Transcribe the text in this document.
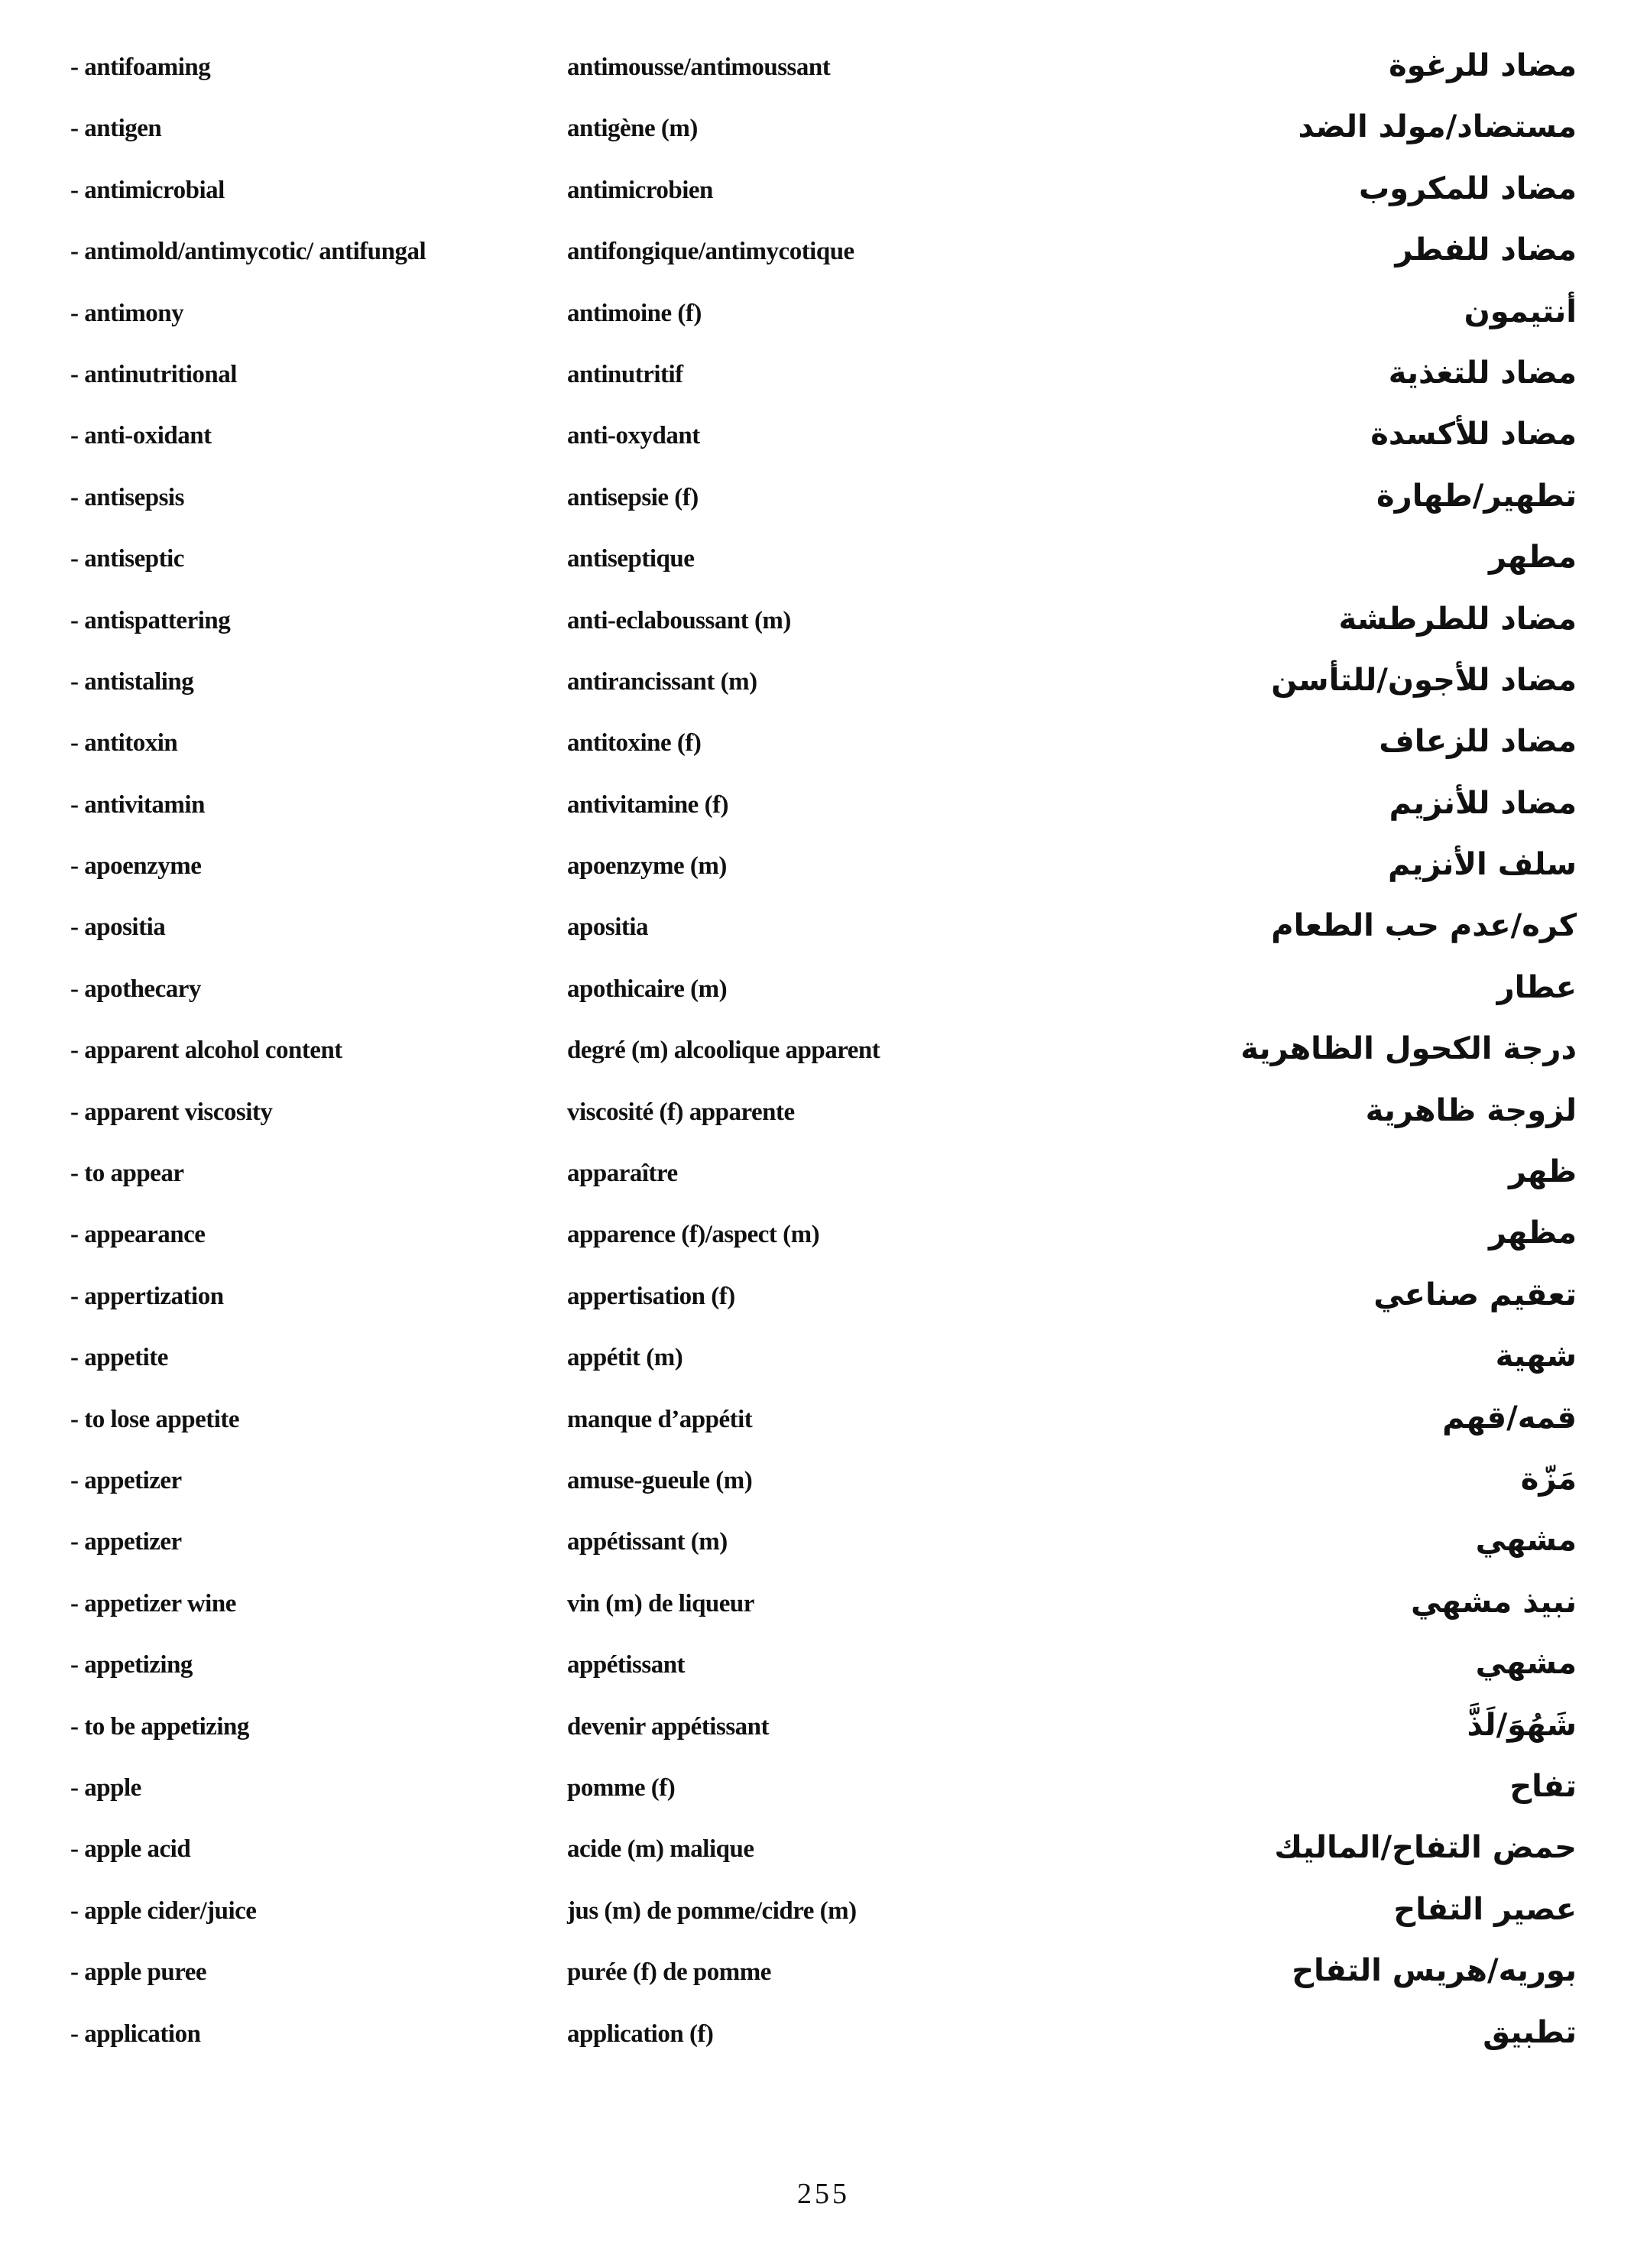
- antifoaming	antimousse/antimoussant	مضاد للرغوة
- antigen	antigène (m)	مستضاد/مولد الضد
- antimicrobial	antimicrobien	مضاد للمكروب
- antimold/antimycotic/ antifungal	antifongique/antimycotique	مضاد للفطر
- antimony	antimoine (f)	أنتيمون
- antinutritional	antinutritif	مضاد للتغذية
- anti-oxidant	anti-oxydant	مضاد للأكسدة
- antisepsis	antisepsie (f)	تطهير/طهارة
- antiseptic	antiseptique	مطهر
- antispattering	anti-eclaboussant (m)	مضاد للطرطشة
- antistaling	antirancissant (m)	مضاد للأجون/للتأسن
- antitoxin	antitoxine (f)	مضاد للزعاف
- antivitamin	antivitamine (f)	مضاد للأنزيم
- apoenzyme	apoenzyme (m)	سلف الأنزيم
- apositia	apositia	كره/عدم حب الطعام
- apothecary	apothicaire (m)	عطار
- apparent alcohol content	degré (m) alcoolique apparent	درجة الكحول الظاهرية
- apparent viscosity	viscosité (f) apparente	لزوجة ظاهرية
- to appear	apparaître	ظهر
- appearance	apparence (f)/aspect (m)	مظهر
- appertization	appertisation (f)	تعقيم صناعي
- appetite	appétit (m)	شهية
- to lose appetite	manque d’appétit	قمه/قهم
- appetizer	amuse-gueule (m)	مَزّة
- appetizer	appétissant (m)	مشهي
- appetizer wine	vin (m) de liqueur	نبيذ مشهي
- appetizing	appétissant	مشهي
- to be appetizing	devenir appétissant	شَهُوَ/لَذَّ
- apple	pomme (f)	تفاح
- apple acid	acide (m) malique	حمض التفاح/الماليك
- apple cider/juice	jus (m) de pomme/cidre (m)	عصير التفاح
- apple puree	purée (f) de pomme	بوريه/هريس التفاح
- application	application (f)	تطبيق
255
